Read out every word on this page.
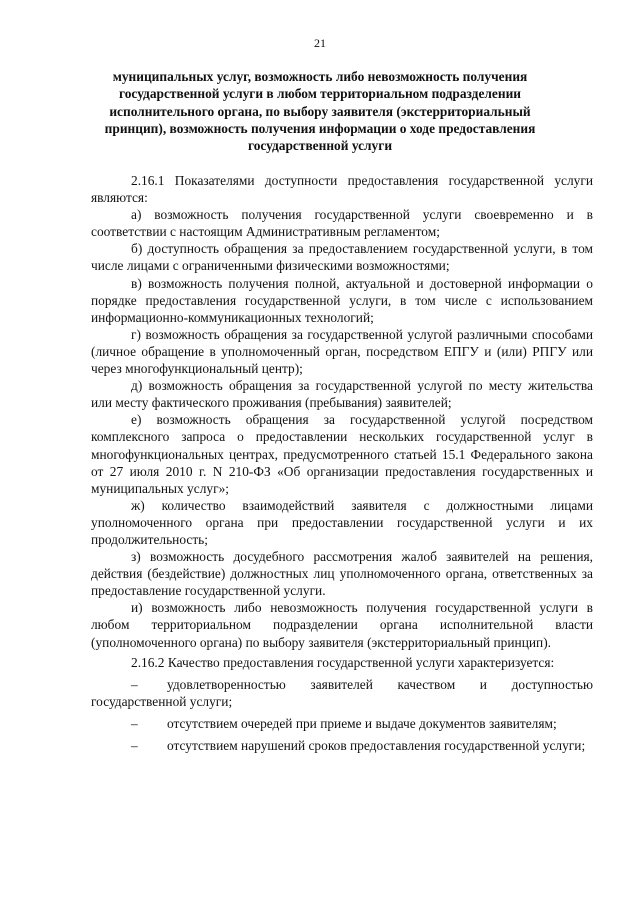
21
муниципальных услуг, возможность либо невозможность получения государственной услуги в любом территориальном подразделении исполнительного органа, по выбору заявителя (экстерриториальный принцип), возможность получения информации о ходе предоставления государственной услуги

2.16.1 Показателями доступности предоставления государственной услуги являются:

а) возможность получения государственной услуги своевременно и в соответствии с настоящим Административным регламентом;

б) доступность обращения за предоставлением государственной услуги, в том числе лицами с ограниченными физическими возможностями;

в) возможность получения полной, актуальной и достоверной информации о порядке предоставления государственной услуги, в том числе с использованием информационно-коммуникационных технологий;

г) возможность обращения за государственной услугой различными способами (личное обращение в уполномоченный орган, посредством ЕПГУ и (или) РПГУ или через многофункциональный центр);

д) возможность обращения за государственной услугой по месту жительства или месту фактического проживания (пребывания) заявителей;

е) возможность обращения за государственной услугой посредством комплексного запроса о предоставлении нескольких государственной услуг в многофункциональных центрах, предусмотренного статьей 15.1 Федерального закона от 27 июля 2010 г. N 210-ФЗ «Об организации предоставления государственных и муниципальных услуг»;

ж) количество взаимодействий заявителя с должностными лицами уполномоченного органа при предоставлении государственной услуги и их продолжительность;

з) возможность досудебного рассмотрения жалоб заявителей на решения, действия (бездействие) должностных лиц уполномоченного органа, ответственных за предоставление государственной услуги.

и) возможность либо невозможность получения государственной услуги в любом территориальном подразделении органа исполнительной власти (уполномоченного органа) по выбору заявителя (экстерриториальный принцип).

2.16.2 Качество предоставления государственной услуги характеризуется:

– удовлетворенностью заявителей качеством и доступностью государственной услуги;

– отсутствием очередей при приеме и выдаче документов заявителям;

– отсутствием нарушений сроков предоставления государственной услуги;
